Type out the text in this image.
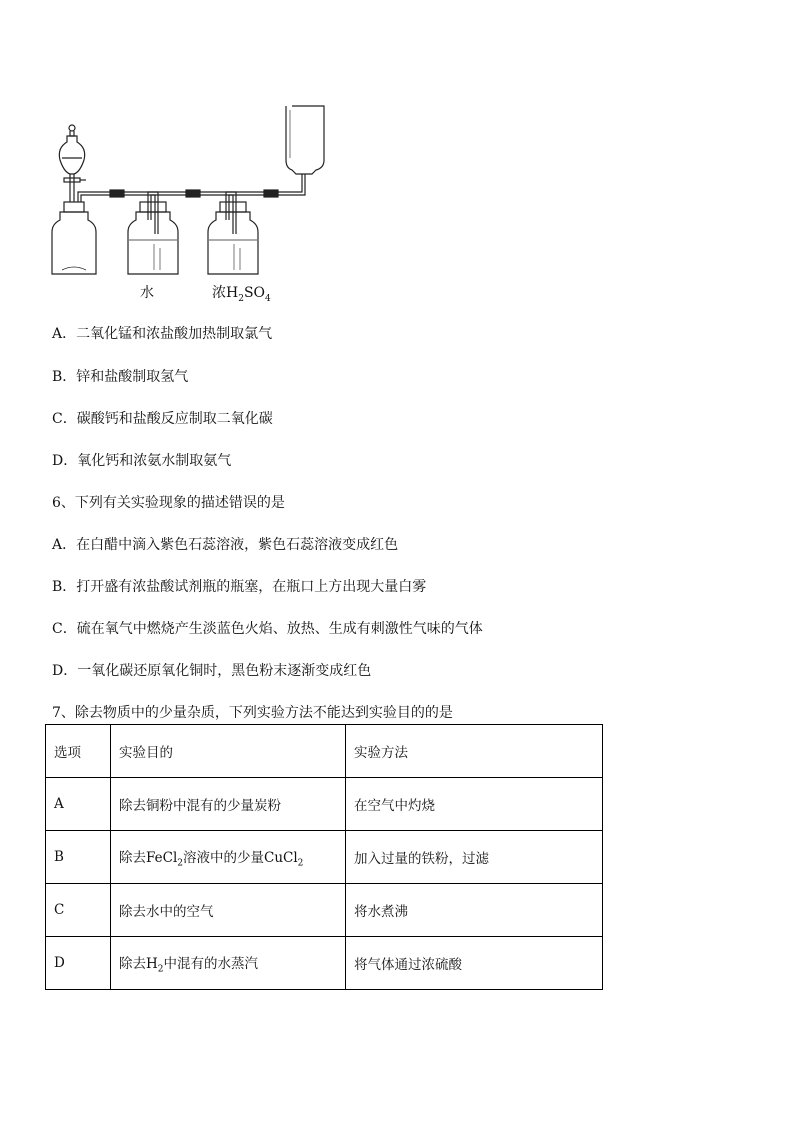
水	浓$H_2SO_4$
A．二氧化锰和浓盐酸加热制取氯气
B．锌和盐酸制取氢气
C．碳酸钙和盐酸反应制取二氧化碳
D．氧化钙和浓氨水制取氨气
6、下列有关实验现象的描述错误的是
A．在白醋中滴入紫色石蕊溶液，紫色石蕊溶液变成红色
B．打开盛有浓盐酸试剂瓶的瓶塞，在瓶口上方出现大量白雾
C．硫在氧气中燃烧产生淡蓝色火焰、放热、生成有刺激性气味的气体
D．一氧化碳还原氧化铜时，黑色粉末逐渐变成红色
7、除去物质中的少量杂质，下列实验方法不能达到实验目的的是
选项	实验目的	实验方法
A	除去铜粉中混有的少量炭粉	在空气中灼烧
B	除去FeCl$_2$溶液中的少量CuCl$_2$	加入过量的铁粉，过滤
C	除去水中的空气	将水煮沸
D	除去$H_2$中混有的水蒸汽	将气体通过浓硫酸
